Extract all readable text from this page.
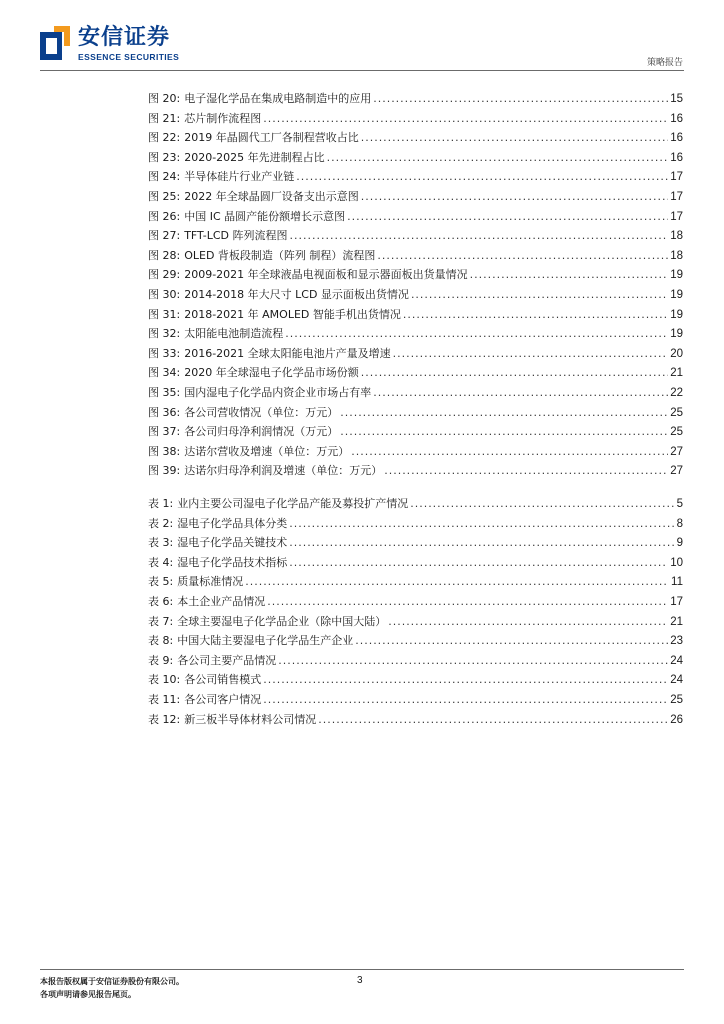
安信证券
ESSENCE SECURITIES
策略报告
图 20: 电子湿化学品在集成电路制造中的应用 .....	15
图 21: 芯片制作流程图 .....	16
图 22: 2019 年晶圆代工厂各制程营收占比 .....	16
图 23: 2020-2025 年先进制程占比 .....	16
图 24: 半导体硅片行业产业链 .....	17
图 25: 2022 年全球晶圆厂设备支出示意图 .....	17
图 26: 中国 IC 晶圆产能份额增长示意图 .....	17
图 27: TFT-LCD 阵列流程图 .....	18
图 28: OLED 背板段制造（阵列 制程）流程图 .....	18
图 29: 2009-2021 年全球液晶电视面板和显示器面板出货量情况 .....	19
图 30: 2014-2018 年大尺寸 LCD 显示面板出货情况 .....	19
图 31: 2018-2021 年 AMOLED 智能手机出货情况 .....	19
图 32: 太阳能电池制造流程 .....	19
图 33: 2016-2021 全球太阳能电池片产量及增速 .....	20
图 34: 2020 年全球湿电子化学品市场份额 .....	21
图 35: 国内湿电子化学品内资企业市场占有率 .....	22
图 36: 各公司营收情况（单位：万元） .....	25
图 37: 各公司归母净利润情况（万元） .....	25
图 38: 达诺尔营收及增速（单位：万元） .....	27
图 39: 达诺尔归母净利润及增速（单位：万元） .....	27
表 1: 业内主要公司湿电子化学品产能及募投扩产情况 .....	5
表 2: 湿电子化学品具体分类 .....	8
表 3: 湿电子化学品关键技术 .....	9
表 4: 湿电子化学品技术指标 .....	10
表 5: 质量标准情况 .....	11
表 6: 本土企业产品情况 .....	17
表 7: 全球主要湿电子化学品企业（除中国大陆） .....	21
表 8: 中国大陆主要湿电子化学品生产企业 .....	23
表 9: 各公司主要产品情况 .....	24
表 10: 各公司销售模式 .....	24
表 11: 各公司客户情况 .....	25
表 12: 新三板半导体材料公司情况 .....	26
本报告版权属于安信证券股份有限公司。
各项声明请参见报告尾页。
3
